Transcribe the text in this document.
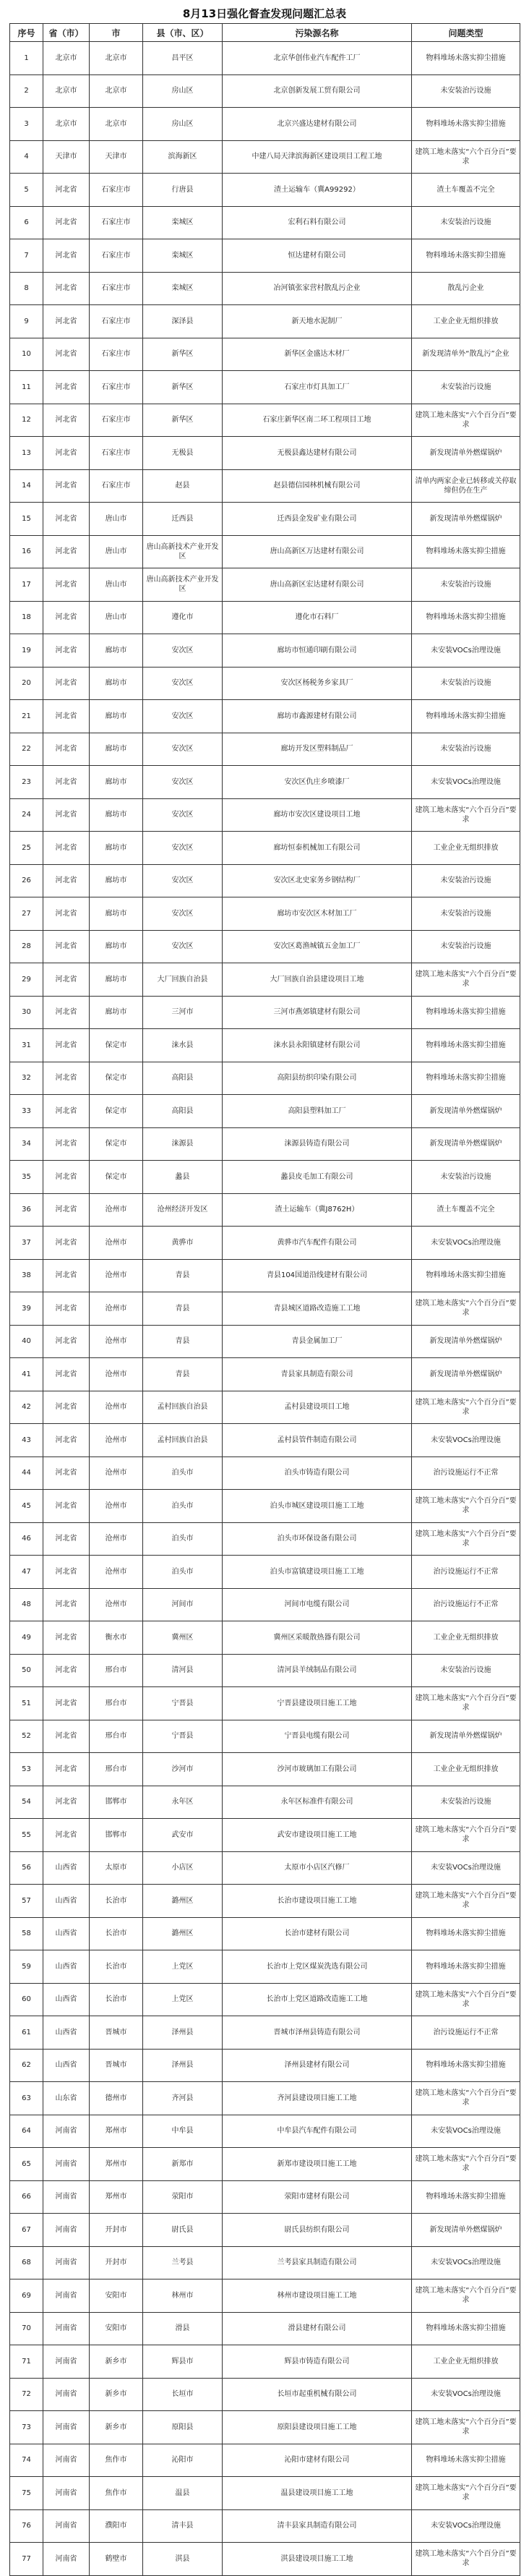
8月13日强化督查发现问题汇总表
序号	省（市）	市	县（市、区）	污染源名称	问题类型
1	北京市	北京市	昌平区	北京华创伟业汽车配件工厂	物料堆场未落实抑尘措施
2	北京市	北京市	房山区	北京创新发展工贸有限公司	未安装治污设施
3	北京市	北京市	房山区	北京兴盛达建材有限公司	物料堆场未落实抑尘措施
4	天津市	天津市	滨海新区	中建八局天津滨海新区建设项目工程工地	建筑工地未落实“六个百分百”要求
5	河北省	石家庄市	行唐县	渣土运输车（冀A99292）	渣土车覆盖不完全
6	河北省	石家庄市	栾城区	宏利石料有限公司	未安装治污设施
7	河北省	石家庄市	栾城区	恒达建材有限公司	物料堆场未落实抑尘措施
8	河北省	石家庄市	栾城区	冶河镇张家营村散乱污企业	散乱污企业
9	河北省	石家庄市	深泽县	新天地水泥制厂	工业企业无组织排放
10	河北省	石家庄市	新华区	新华区金盛达木材厂	新发现清单外“散乱污”企业
11	河北省	石家庄市	新华区	石家庄市灯具加工厂	未安装治污设施
12	河北省	石家庄市	新华区	石家庄新华区南二环工程项目工地	建筑工地未落实“六个百分百”要求
13	河北省	石家庄市	无极县	无极县鑫达建材有限公司	新发现清单外燃煤锅炉
14	河北省	石家庄市	赵县	赵县德信园林机械有限公司	清单内两家企业已转移或关停取缔但仍在生产
15	河北省	唐山市	迁西县	迁西县金发矿业有限公司	新发现清单外燃煤锅炉
16	河北省	唐山市	唐山高新技术产业开发区	唐山高新区万达建材有限公司	物料堆场未落实抑尘措施
17	河北省	唐山市	唐山高新技术产业开发区	唐山高新区宏达建材有限公司	未安装治污设施
18	河北省	唐山市	遵化市	遵化市石料厂	物料堆场未落实抑尘措施
19	河北省	廊坊市	安次区	廊坊市恒通印刷有限公司	未安装VOCs治理设施
20	河北省	廊坊市	安次区	安次区杨税务乡家具厂	未安装治污设施
21	河北省	廊坊市	安次区	廊坊市鑫源建材有限公司	物料堆场未落实抑尘措施
22	河北省	廊坊市	安次区	廊坊开发区塑料制品厂	未安装治污设施
23	河北省	廊坊市	安次区	安次区仇庄乡喷漆厂	未安装VOCs治理设施
24	河北省	廊坊市	安次区	廊坊市安次区建设项目工地	建筑工地未落实“六个百分百”要求
25	河北省	廊坊市	安次区	廊坊恒泰机械加工有限公司	工业企业无组织排放
26	河北省	廊坊市	安次区	安次区北史家务乡钢结构厂	未安装治污设施
27	河北省	廊坊市	安次区	廊坊市安次区木材加工厂	未安装治污设施
28	河北省	廊坊市	安次区	安次区葛渔城镇五金加工厂	未安装治污设施
29	河北省	廊坊市	大厂回族自治县	大厂回族自治县建设项目工地	建筑工地未落实“六个百分百”要求
30	河北省	廊坊市	三河市	三河市燕郊镇建材有限公司	物料堆场未落实抑尘措施
31	河北省	保定市	涞水县	涞水县永阳镇建材有限公司	物料堆场未落实抑尘措施
32	河北省	保定市	高阳县	高阳县纺织印染有限公司	物料堆场未落实抑尘措施
33	河北省	保定市	高阳县	高阳县塑料加工厂	新发现清单外燃煤锅炉
34	河北省	保定市	涞源县	涞源县铸造有限公司	新发现清单外燃煤锅炉
35	河北省	保定市	蠡县	蠡县皮毛加工有限公司	未安装治污设施
36	河北省	沧州市	沧州经济开发区	渣土运输车（冀J8762H）	渣土车覆盖不完全
37	河北省	沧州市	黄骅市	黄骅市汽车配件有限公司	未安装VOCs治理设施
38	河北省	沧州市	青县	青县104国道沿线建材有限公司	物料堆场未落实抑尘措施
39	河北省	沧州市	青县	青县城区道路改造施工工地	建筑工地未落实“六个百分百”要求
40	河北省	沧州市	青县	青县金属加工厂	新发现清单外燃煤锅炉
41	河北省	沧州市	青县	青县家具制造有限公司	新发现清单外燃煤锅炉
42	河北省	沧州市	孟村回族自治县	孟村县建设项目工地	建筑工地未落实“六个百分百”要求
43	河北省	沧州市	孟村回族自治县	孟村县管件制造有限公司	未安装VOCs治理设施
44	河北省	沧州市	泊头市	泊头市铸造有限公司	治污设施运行不正常
45	河北省	沧州市	泊头市	泊头市城区建设项目施工工地	建筑工地未落实“六个百分百”要求
46	河北省	沧州市	泊头市	泊头市环保设备有限公司	建筑工地未落实“六个百分百”要求
47	河北省	沧州市	泊头市	泊头市富镇建设项目施工工地	治污设施运行不正常
48	河北省	沧州市	河间市	河间市电缆有限公司	治污设施运行不正常
49	河北省	衡水市	冀州区	冀州区采暖散热器有限公司	工业企业无组织排放
50	河北省	邢台市	清河县	清河县羊绒制品有限公司	未安装治污设施
51	河北省	邢台市	宁晋县	宁晋县建设项目施工工地	建筑工地未落实“六个百分百”要求
52	河北省	邢台市	宁晋县	宁晋县电缆有限公司	新发现清单外燃煤锅炉
53	河北省	邢台市	沙河市	沙河市玻璃加工有限公司	工业企业无组织排放
54	河北省	邯郸市	永年区	永年区标准件有限公司	未安装治污设施
55	河北省	邯郸市	武安市	武安市建设项目施工工地	建筑工地未落实“六个百分百”要求
56	山西省	太原市	小店区	太原市小店区汽修厂	未安装VOCs治理设施
57	山西省	长治市	潞州区	长治市建设项目施工工地	建筑工地未落实“六个百分百”要求
58	山西省	长治市	潞州区	长治市建材有限公司	物料堆场未落实抑尘措施
59	山西省	长治市	上党区	长治市上党区煤炭洗选有限公司	物料堆场未落实抑尘措施
60	山西省	长治市	上党区	长治市上党区道路改造施工工地	建筑工地未落实“六个百分百”要求
61	山西省	晋城市	泽州县	晋城市泽州县铸造有限公司	治污设施运行不正常
62	山西省	晋城市	泽州县	泽州县建材有限公司	物料堆场未落实抑尘措施
63	山东省	德州市	齐河县	齐河县建设项目施工工地	建筑工地未落实“六个百分百”要求
64	河南省	郑州市	中牟县	中牟县汽车配件有限公司	未安装VOCs治理设施
65	河南省	郑州市	新郑市	新郑市建设项目施工工地	建筑工地未落实“六个百分百”要求
66	河南省	郑州市	荥阳市	荥阳市建材有限公司	物料堆场未落实抑尘措施
67	河南省	开封市	尉氏县	尉氏县纺织有限公司	新发现清单外燃煤锅炉
68	河南省	开封市	兰考县	兰考县家具制造有限公司	未安装VOCs治理设施
69	河南省	安阳市	林州市	林州市建设项目施工工地	建筑工地未落实“六个百分百”要求
70	河南省	安阳市	滑县	滑县建材有限公司	物料堆场未落实抑尘措施
71	河南省	新乡市	辉县市	辉县市铸造有限公司	工业企业无组织排放
72	河南省	新乡市	长垣市	长垣市起重机械有限公司	未安装VOCs治理设施
73	河南省	新乡市	原阳县	原阳县建设项目施工工地	建筑工地未落实“六个百分百”要求
74	河南省	焦作市	沁阳市	沁阳市建材有限公司	物料堆场未落实抑尘措施
75	河南省	焦作市	温县	温县建设项目施工工地	建筑工地未落实“六个百分百”要求
76	河南省	濮阳市	清丰县	清丰县家具制造有限公司	未安装VOCs治理设施
77	河南省	鹤壁市	淇县	淇县建设项目施工工地	建筑工地未落实“六个百分百”要求
